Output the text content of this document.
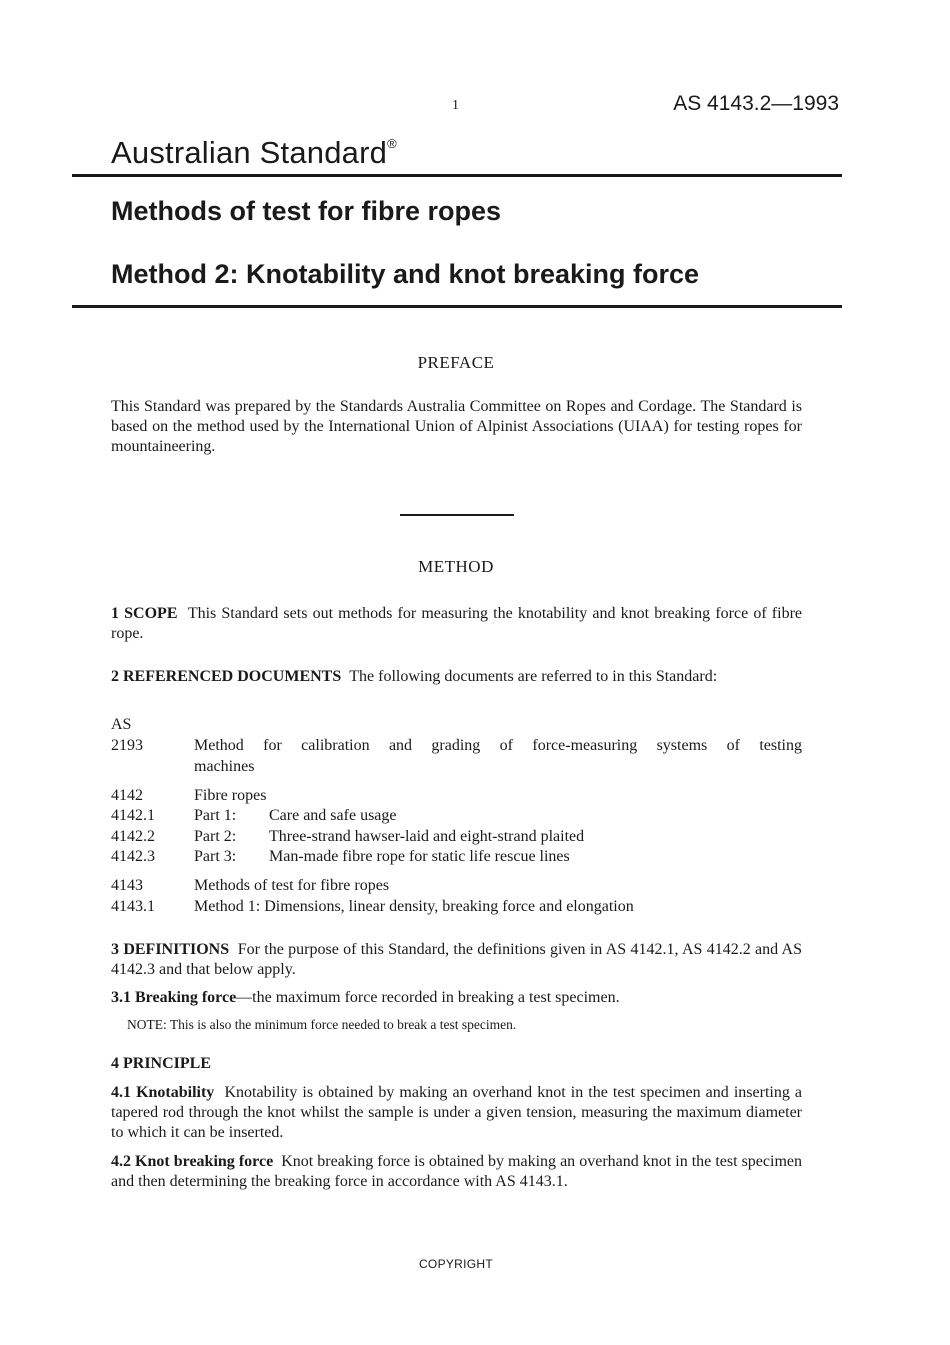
1	AS 4143.2—1993
Australian Standard®
Methods of test for fibre ropes
Method 2: Knotability and knot breaking force
PREFACE
This Standard was prepared by the Standards Australia Committee on Ropes and Cordage. The Standard is based on the method used by the International Union of Alpinist Associations (UIAA) for testing ropes for mountaineering.
METHOD
1 SCOPE This Standard sets out methods for measuring the knotability and knot breaking force of fibre rope.
2 REFERENCED DOCUMENTS The following documents are referred to in this Standard:
AS
2193	Method for calibration and grading of force-measuring systems of testing
machines
4142	Fibre ropes
4142.1 Part 1: Care and safe usage
4142.2 Part 2: Three-strand hawser-laid and eight-strand plaited
4142.3 Part 3: Man-made fibre rope for static life rescue lines
4143	Methods of test for fibre ropes
4143.1 Method 1: Dimensions, linear density, breaking force and elongation
3 DEFINITIONS For the purpose of this Standard, the definitions given in AS 4142.1, AS 4142.2 and AS 4142.3 and that below apply.
3.1 Breaking force—the maximum force recorded in breaking a test specimen.
NOTE: This is also the minimum force needed to break a test specimen.
4 PRINCIPLE
4.1 Knotability Knotability is obtained by making an overhand knot in the test specimen and inserting a tapered rod through the knot whilst the sample is under a given tension, measuring the maximum diameter to which it can be inserted.
4.2 Knot breaking force Knot breaking force is obtained by making an overhand knot in the test specimen and then determining the breaking force in accordance with AS 4143.1.
COPYRIGHT
